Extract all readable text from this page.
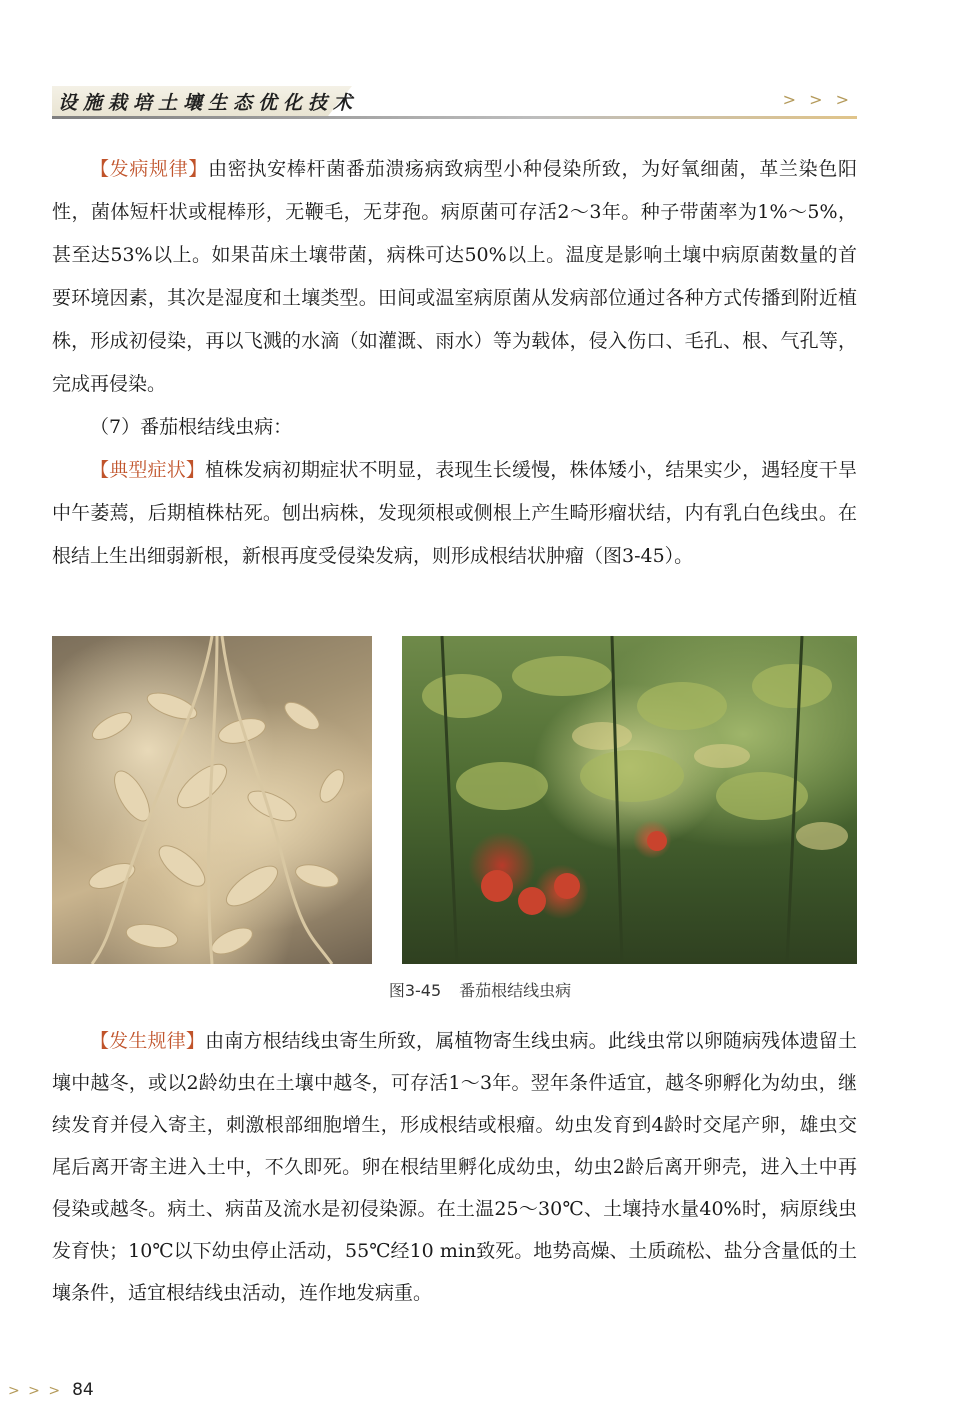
设施栽培土壤生态优化技术	> > >

【发病规律】由密执安棒杆菌番茄溃疡病致病型小种侵染所致，为好氧细菌，革兰染色阳性，菌体短杆状或棍棒形，无鞭毛，无芽孢。病原菌可存活2～3年。种子带菌率为1%～5%，甚至达53%以上。如果苗床土壤带菌，病株可达50%以上。温度是影响土壤中病原菌数量的首要环境因素，其次是湿度和土壤类型。田间或温室病原菌从发病部位通过各种方式传播到附近植株，形成初侵染，再以飞溅的水滴（如灌溉、雨水）等为载体，侵入伤口、毛孔、根、气孔等，完成再侵染。

（7）番茄根结线虫病：

【典型症状】植株发病初期症状不明显，表现生长缓慢，株体矮小，结果实少，遇轻度干旱中午萎蔫，后期植株枯死。刨出病株，发现须根或侧根上产生畸形瘤状结，内有乳白色线虫。在根结上生出细弱新根，新根再度受侵染发病，则形成根结状肿瘤（图3-45）。

图3-45 番茄根结线虫病

【发生规律】由南方根结线虫寄生所致，属植物寄生线虫病。此线虫常以卵随病残体遗留土壤中越冬，或以2龄幼虫在土壤中越冬，可存活1～3年。翌年条件适宜，越冬卵孵化为幼虫，继续发育并侵入寄主，刺激根部细胞增生，形成根结或根瘤。幼虫发育到4龄时交尾产卵，雄虫交尾后离开寄主进入土中，不久即死。卵在根结里孵化成幼虫，幼虫2龄后离开卵壳，进入土中再侵染或越冬。病土、病苗及流水是初侵染源。在土温25～30℃、土壤持水量40%时，病原线虫发育快；10℃以下幼虫停止活动，55℃经10 min致死。地势高燥、土质疏松、盐分含量低的土壤条件，适宜根结线虫活动，连作地发病重。

> > > 84
